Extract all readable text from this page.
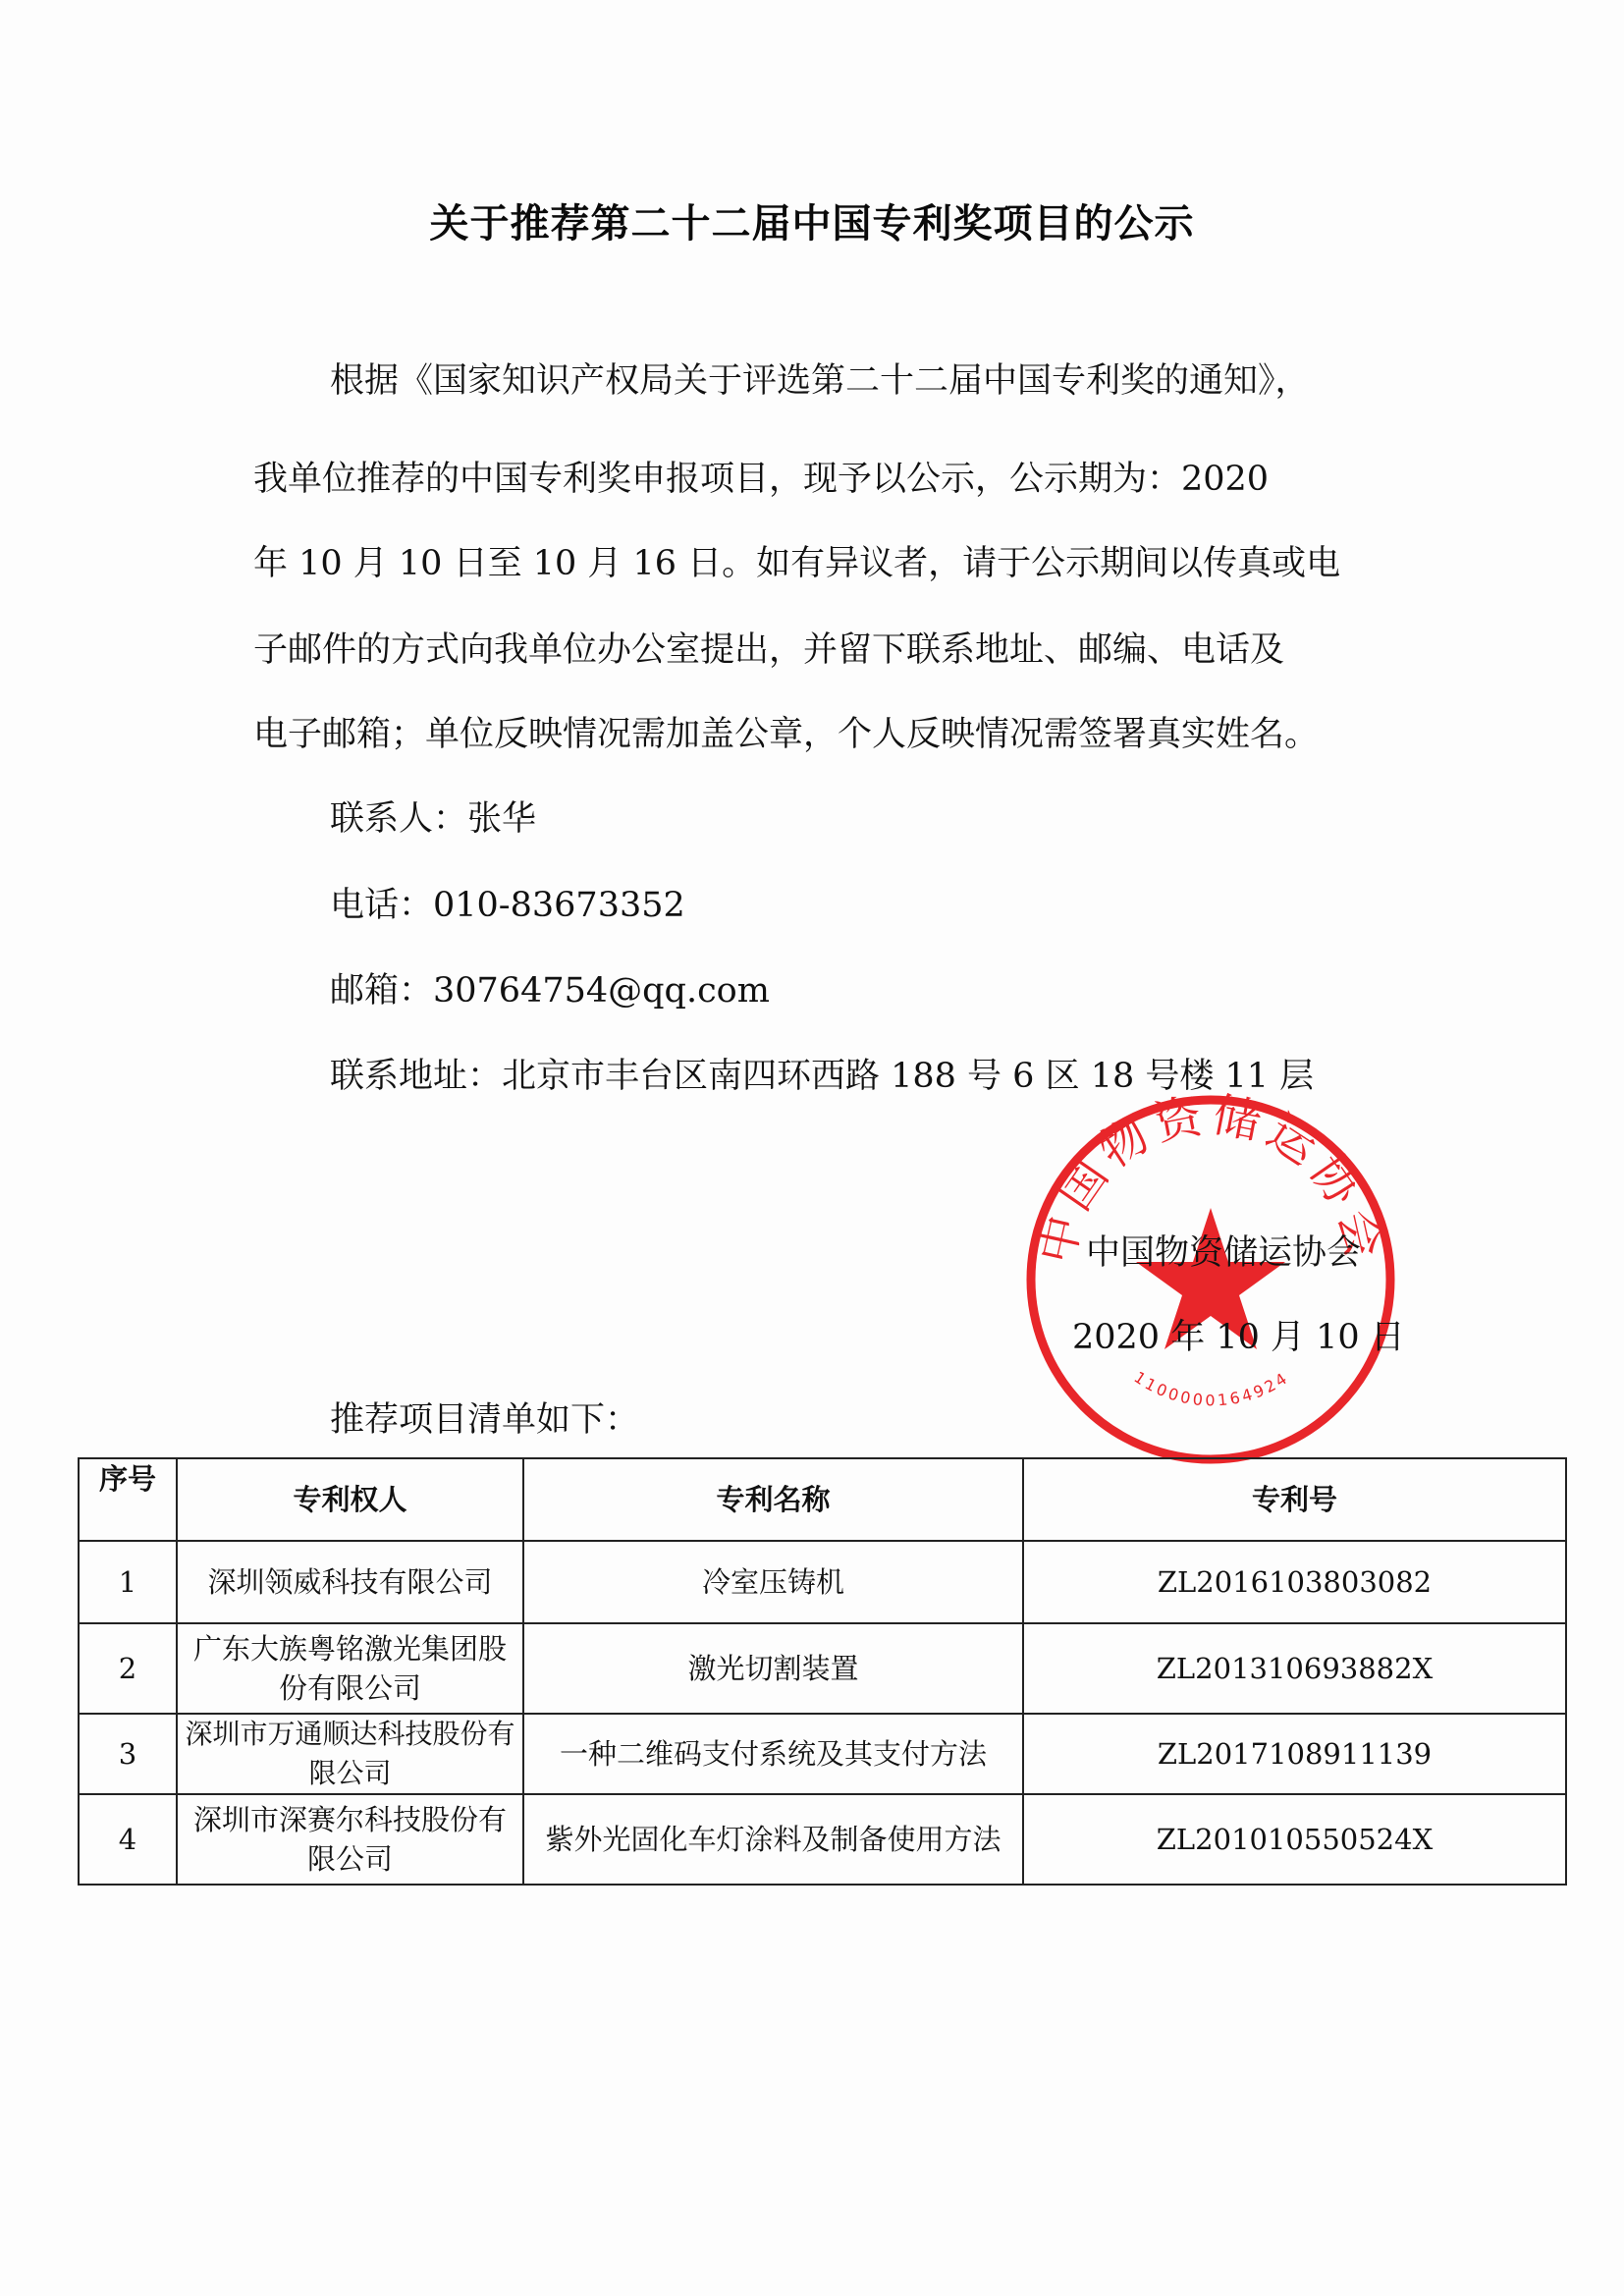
关于推荐第二十二届中国专利奖项目的公示
根据《国家知识产权局关于评选第二十二届中国专利奖的通知》，
我单位推荐的中国专利奖申报项目，现予以公示，公示期为：2020
年 10 月 10 日至 10 月 16 日。如有异议者，请于公示期间以传真或电
子邮件的方式向我单位办公室提出，并留下联系地址、邮编、电话及
电子邮箱；单位反映情况需加盖公章，个人反映情况需签署真实姓名。
联系人：张华
电话：010-83673352
邮箱：30764754@qq.com
联系地址：北京市丰台区南四环西路 188 号 6 区 18 号楼 11 层
中国物资储运协会
1100000164924
中国物资储运协会
2020 年 10 月 10 日
推荐项目清单如下：
序号	专利权人	专利名称	专利号
1	深圳领威科技有限公司	冷室压铸机	ZL2016103803082
2	广东大族粤铭激光集团股份有限公司	激光切割装置	ZL201310693882X
3	深圳市万通顺达科技股份有限公司	一种二维码支付系统及其支付方法	ZL2017108911139
4	深圳市深赛尔科技股份有限公司	紫外光固化车灯涂料及制备使用方法	ZL201010550524X
